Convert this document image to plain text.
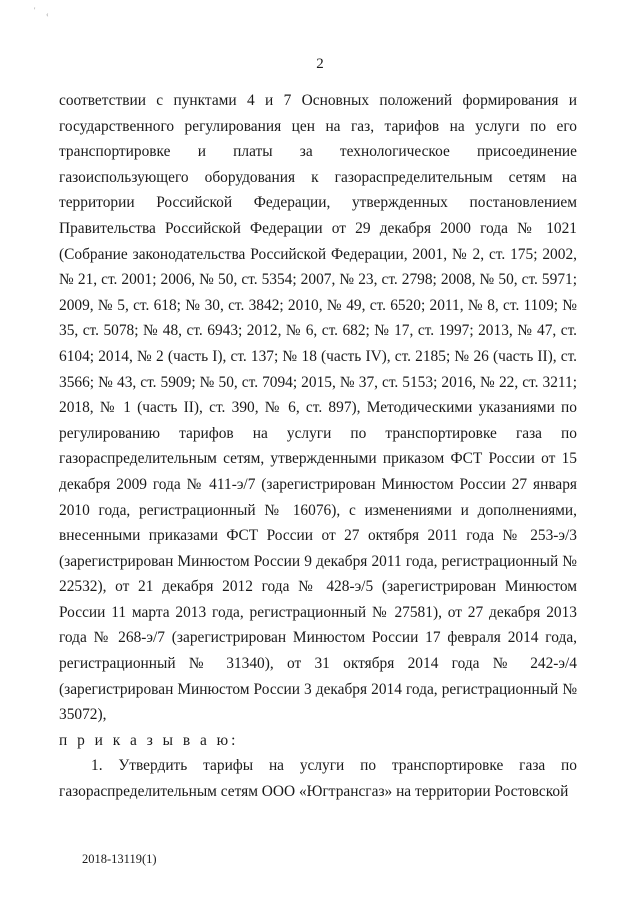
' ‹
2

соответствии с пунктами 4 и 7 Основных положений формирования и государственного регулирования цен на газ, тарифов на услуги по его транспортировке и платы за технологическое присоединение газоиспользующего оборудования к газораспределительным сетям на территории Российской Федерации, утвержденных постановлением Правительства Российской Федерации от 29 декабря 2000 года № 1021 (Собрание законодательства Российской Федерации, 2001, № 2, ст. 175; 2002, № 21, ст. 2001; 2006, № 50, ст. 5354; 2007, № 23, ст. 2798; 2008, № 50, ст. 5971; 2009, № 5, ст. 618; № 30, ст. 3842; 2010, № 49, ст. 6520; 2011, № 8, ст. 1109; № 35, ст. 5078; № 48, ст. 6943; 2012, № 6, ст. 682; № 17, ст. 1997; 2013, № 47, ст. 6104; 2014, № 2 (часть I), ст. 137; № 18 (часть IV), ст. 2185; № 26 (часть II), ст. 3566; № 43, ст. 5909; № 50, ст. 7094; 2015, № 37, ст. 5153; 2016, № 22, ст. 3211; 2018, № 1 (часть II), ст. 390, № 6, ст. 897), Методическими указаниями по регулированию тарифов на услуги по транспортировке газа по газораспределительным сетям, утвержденными приказом ФСТ России от 15 декабря 2009 года № 411-э/7 (зарегистрирован Минюстом России 27 января 2010 года, регистрационный № 16076), с изменениями и дополнениями, внесенными приказами ФСТ России от 27 октября 2011 года № 253-э/3 (зарегистрирован Минюстом России 9 декабря 2011 года, регистрационный № 22532), от 21 декабря 2012 года № 428-э/5 (зарегистрирован Минюстом России 11 марта 2013 года, регистрационный № 27581), от 27 декабря 2013 года № 268-э/7 (зарегистрирован Минюстом России 17 февраля 2014 года, регистрационный № 31340), от 31 октября 2014 года № 242-э/4 (зарегистрирован Минюстом России 3 декабря 2014 года, регистрационный № 35072),

п р и к а з ы в а ю:

1. Утвердить тарифы на услуги по транспортировке газа по газораспределительным сетям ООО «Югтрансгаз» на территории Ростовской

2018-13119(1)
